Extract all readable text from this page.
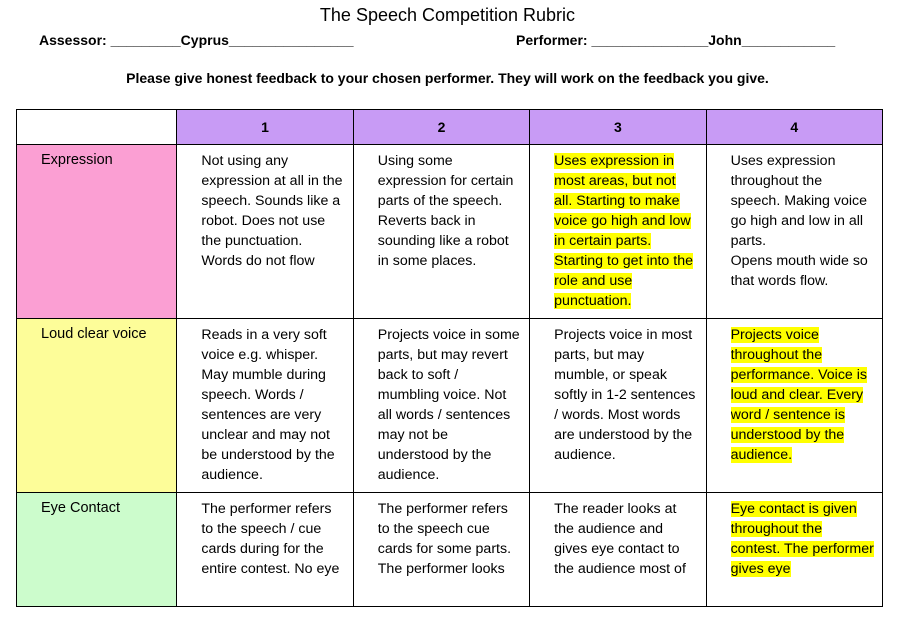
The Speech Competition Rubric
Assessor: _________Cyprus________________	Performer: _______________John____________
Please give honest feedback to your chosen performer. They will work on the feedback you give.
	1	2	3	4
Expression	Not using any expression at all in the speech. Sounds like a robot. Does not use the punctuation. Words do not flow	Using some expression for certain parts of the speech. Reverts back in sounding like a robot in some places.	Uses expression in most areas, but not all. Starting to make voice go high and low in certain parts. Starting to get into the role and use punctuation.	Uses expression throughout the speech. Making voice go high and low in all parts.
Opens mouth wide so that words flow.

Loud clear voice	Reads in a very soft voice e.g. whisper. May mumble during speech. Words / sentences are very unclear and may not be understood by the audience.	Projects voice in some parts, but may revert back to soft / mumbling voice. Not all words / sentences may not be understood by the audience.	Projects voice in most parts, but may mumble, or speak softly in 1-2 sentences / words. Most words are understood by the audience.	Projects voice throughout the performance. Voice is loud and clear. Every word / sentence is understood by the audience.

Eye Contact	The performer refers to the speech / cue cards during for the entire contest. No eye	The performer refers to the speech cue cards for some parts. The performer looks	The reader looks at the audience and gives eye contact to the audience most of	Eye contact is given throughout the contest. The performer gives eye
